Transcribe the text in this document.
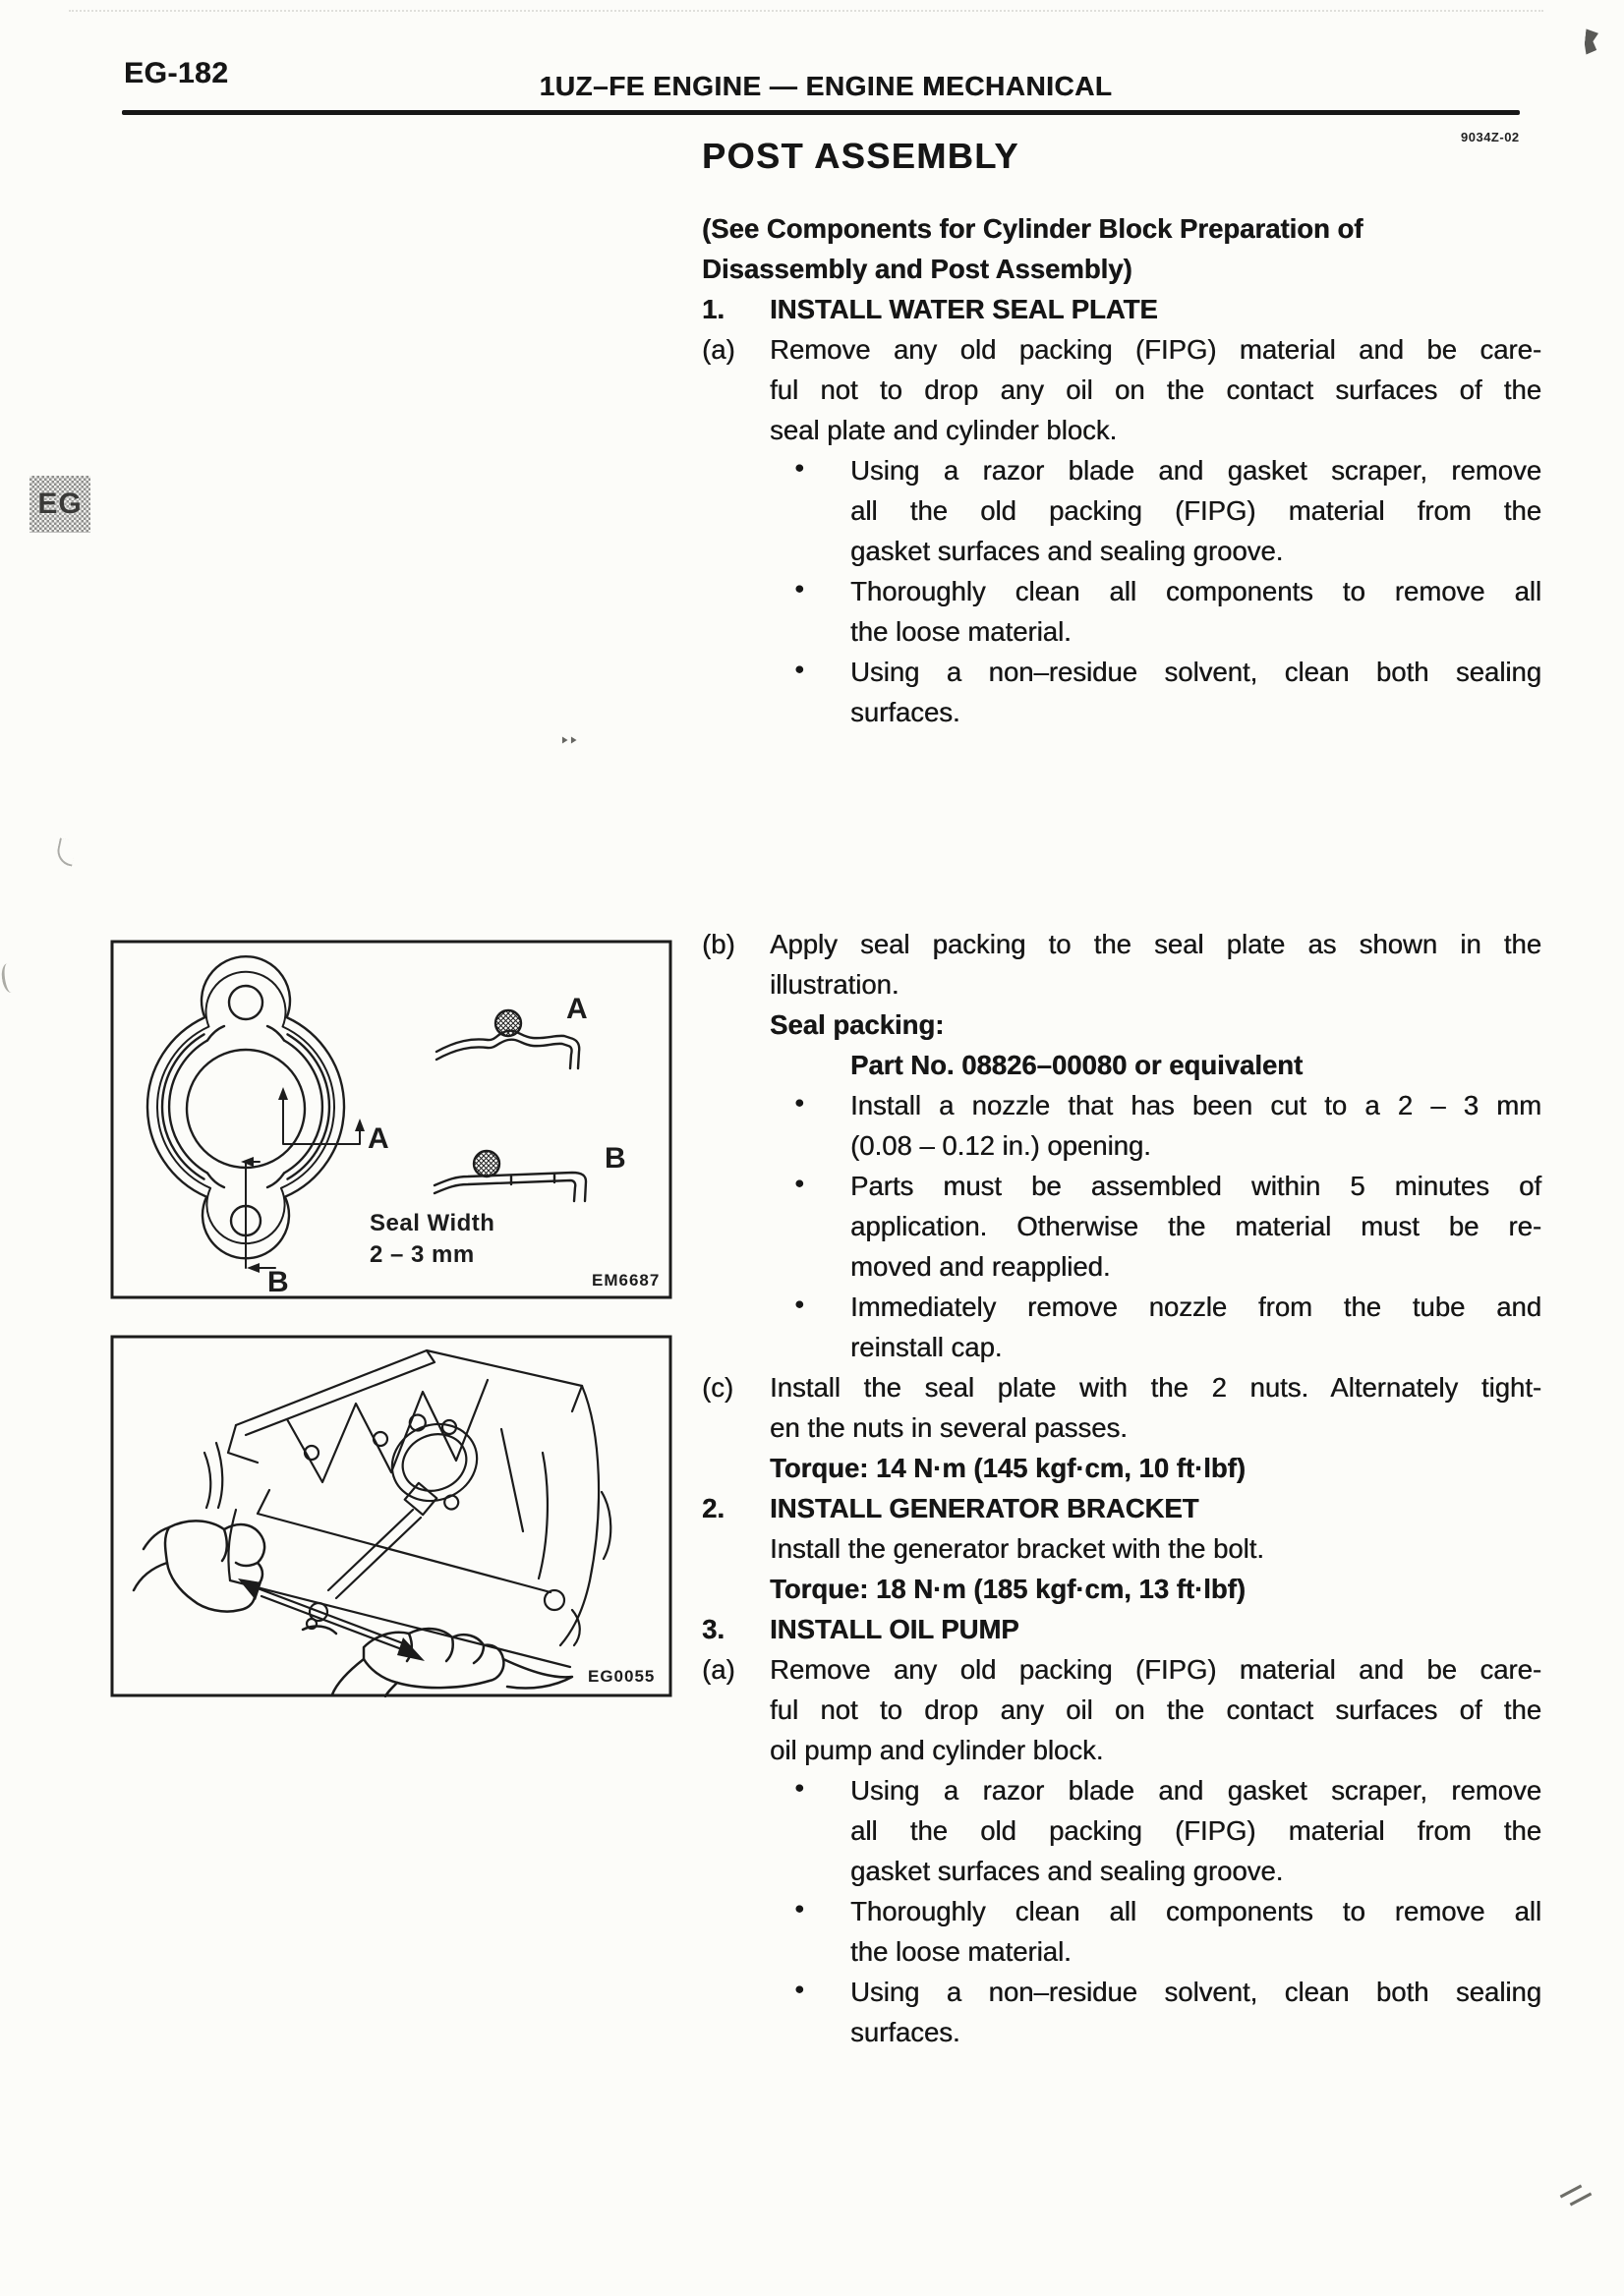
EG-182	1UZ–FE ENGINE — ENGINE MECHANICAL
9034Z-02
POST ASSEMBLY
EG
A
B
A
B
Seal Width
2 – 3 mm
EM6687
EG0055
(See Components for Cylinder Block Preparation of
Disassembly and Post Assembly)
1.	INSTALL WATER SEAL PLATE
(a) Remove any old packing (FIPG) material and be care-
ful not to drop any oil on the contact surfaces of the
seal plate and cylinder block.
● Using a razor blade and gasket scraper, remove
all the old packing (FIPG) material from the
gasket surfaces and sealing groove.
● Thoroughly clean all components to remove all
the loose material.
● Using a non–residue solvent, clean both sealing
surfaces.
(b) Apply seal packing to the seal plate as shown in the
illustration.
Seal packing:
Part No. 08826–00080 or equivalent
● Install a nozzle that has been cut to a 2 – 3 mm
(0.08 – 0.12 in.) opening.
● Parts must be assembled within 5 minutes of
application. Otherwise the material must be re-
moved and reapplied.
● Immediately remove nozzle from the tube and
reinstall cap.
(c) Install the seal plate with the 2 nuts. Alternately tight-
en the nuts in several passes.
Torque: 14 N·m (145 kgf·cm, 10 ft·lbf)
2.	INSTALL GENERATOR BRACKET
Install the generator bracket with the bolt.
Torque: 18 N·m (185 kgf·cm, 13 ft·lbf)
3.	INSTALL OIL PUMP
(a) Remove any old packing (FIPG) material and be care-
ful not to drop any oil on the contact surfaces of the
oil pump and cylinder block.
● Using a razor blade and gasket scraper, remove
all the old packing (FIPG) material from the
gasket surfaces and sealing groove.
● Thoroughly clean all components to remove all
the loose material.
● Using a non–residue solvent, clean both sealing
surfaces.
